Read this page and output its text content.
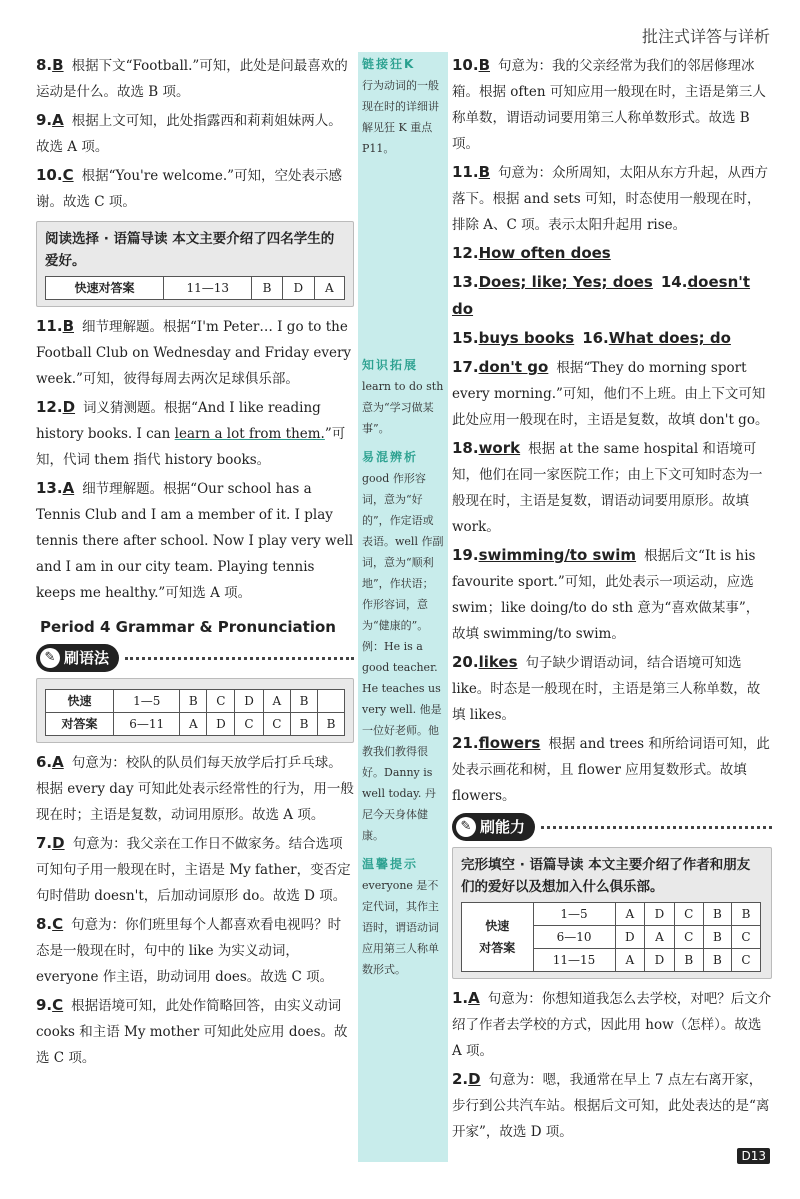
批注式详答与详析
8.B 根据下文“Football.”可知，此处是问最喜欢的运动是什么。故选 B 项。
9.A 根据上文可知，此处指露西和莉莉姐妹两人。故选 A 项。
10.C 根据“You're welcome.”可知，空处表示感谢。故选 C 项。
阅读选择 · 语篇导读 本文主要介绍了四名学生的爱好。
快速对答案	11—13	B	D	A
11.B 细节理解题。根据“I'm Peter… I go to the Football Club on Wednesday and Friday every week.”可知，彼得每周去两次足球俱乐部。
12.D 词义猜测题。根据“And I like reading history books. I can learn a lot from them.”可知，代词 them 指代 history books。
13.A 细节理解题。根据“Our school has a Tennis Club and I am a member of it. I play tennis there after school. Now I play very well and I am in our city team. Playing tennis keeps me healthy.”可知选 A 项。
Period 4 Grammar & Pronunciation
✎ 刷语法
快速	1—5	B	C	D	A	B	
对答案	6—11	A	D	C	C	B	B
6.A 句意为：校队的队员们每天放学后打乒乓球。根据 every day 可知此处表示经常性的行为，用一般现在时；主语是复数，动词用原形。故选 A 项。
7.D 句意为：我父亲在工作日不做家务。结合选项可知句子用一般现在时，主语是 My father，变否定句时借助 doesn't，后加动词原形 do。故选 D 项。
8.C 句意为：你们班里每个人都喜欢看电视吗？时态是一般现在时，句中的 like 为实义动词，everyone 作主语，助动词用 does。故选 C 项。
9.C 根据语境可知，此处作简略回答，由实义动词 cooks 和主语 My mother 可知此处应用 does。故选 C 项。
链接狂K
行为动词的一般现在时的详细讲解见狂 K 重点 P11。
知识拓展
learn to do sth 意为“学习做某事”。
易混辨析
good 作形容词，意为“好的”，作定语或表语。well 作副词，意为“顺利地”，作状语；作形容词，意为“健康的”。例：He is a good teacher. He teaches us very well. 他是一位好老师。他教我们教得很好。Danny is well today. 丹尼今天身体健康。
温馨提示
everyone 是不定代词，其作主语时，谓语动词应用第三人称单数形式。
10.B 句意为：我的父亲经常为我们的邻居修理冰箱。根据 often 可知应用一般现在时，主语是第三人称单数，谓语动词要用第三人称单数形式。故选 B 项。
11.B 句意为：众所周知，太阳从东方升起，从西方落下。根据 and sets 可知，时态使用一般现在时，排除 A、C 项。表示太阳升起用 rise。
12.How often does
13.Does; like; Yes; does 14.doesn't do
15.buys books 16.What does; do
17.don't go 根据“They do morning sport every morning.”可知，他们不上班。由上下文可知此处应用一般现在时，主语是复数，故填 don't go。
18.work 根据 at the same hospital 和语境可知，他们在同一家医院工作；由上下文可知时态为一般现在时，主语是复数，谓语动词要用原形。故填 work。
19.swimming/to swim 根据后文“It is his favourite sport.”可知，此处表示一项运动，应选 swim；like doing/to do sth 意为“喜欢做某事”，故填 swimming/to swim。
20.likes 句子缺少谓语动词，结合语境可知选 like。时态是一般现在时，主语是第三人称单数，故填 likes。
21.flowers 根据 and trees 和所给词语可知，此处表示画花和树，且 flower 应用复数形式。故填 flowers。
✎ 刷能力
完形填空 · 语篇导读 本文主要介绍了作者和朋友们的爱好以及想加入什么俱乐部。
快速
对答案	1—5	A	D	C	B	B
	6—10	D	A	C	B	C
	11—15	A	D	B	B	C
1.A 句意为：你想知道我怎么去学校，对吧？后文介绍了作者去学校的方式，因此用 how（怎样）。故选 A 项。
2.D 句意为：嗯，我通常在早上 7 点左右离开家，步行到公共汽车站。根据后文可知，此处表达的是“离开家”，故选 D 项。
D13
